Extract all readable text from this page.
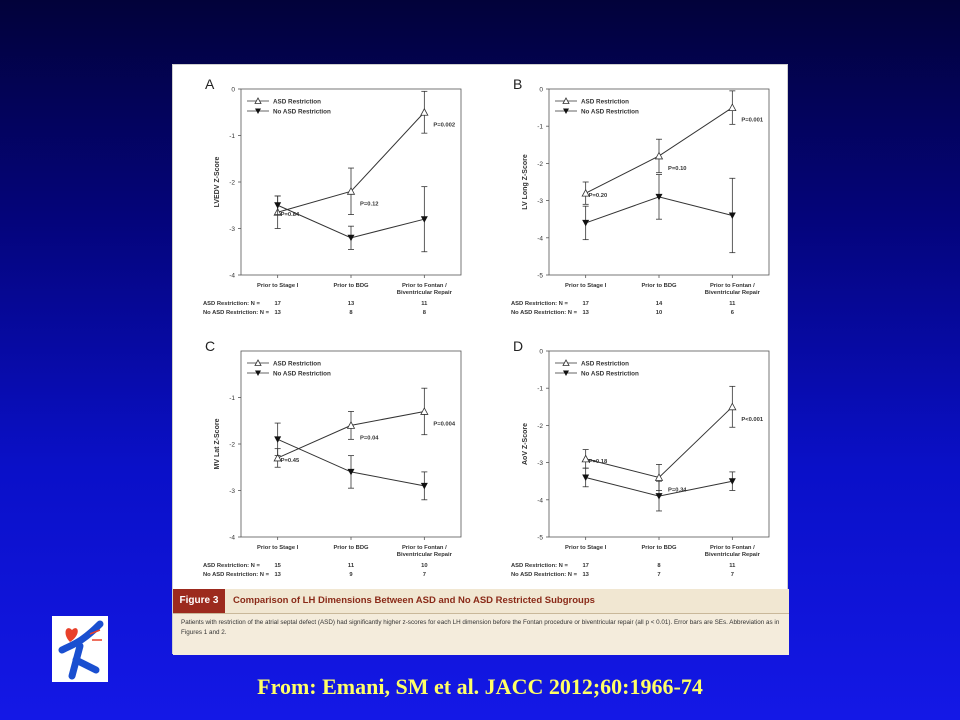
A	0
-1
-2
-3
-4
LVEDV Z-Score
Prior to Stage I	Prior to BDG	Prior to Fontan /
Biventricular Repair
ASD Restriction
No ASD Restriction
P=0.84
P=0.12
P=0.002
ASD Restriction: N =	17	13	11
No ASD Restriction: N = 13	8	8
B	0
-1
-2
-3
-4
-5
LV Long Z-Score
Prior to Stage I	Prior to BDG	Prior to Fontan /
Biventricular Repair
ASD Restriction
No ASD Restriction
P=0.20
P=0.10
P=0.001
ASD Restriction: N =	17	14	11
No ASD Restriction: N = 13	10	6
C
-1
-2
-3
-4
MV Lat Z-Score
Prior to Stage I	Prior to BDG	Prior to Fontan /
Biventricular Repair
ASD Restriction
No ASD Restriction
P=0.45
P=0.04
P=0.004
ASD Restriction: N =	15	11	10
No ASD Restriction: N = 13	9	7
D	0
-1
-2
-3
-4
-5
AoV Z-Score
Prior to Stage I	Prior to BDG	Prior to Fontan /
Biventricular Repair
ASD Restriction
No ASD Restriction
P=0.18
P=0.34
P<0.001
ASD Restriction: N =	17	8	11
No ASD Restriction: N = 13	7	7
Figure 3	Comparison of LH Dimensions Between ASD and No ASD Restricted Subgroups
Patients with restriction of the atrial septal defect (ASD) had significantly higher z-scores for each LH dimension before the Fontan procedure or biventricular repair (all p < 0.01). Error bars are SEs. Abbreviation as in Figures 1 and 2.
From: Emani, SM et al. JACC 2012;60:1966-74
